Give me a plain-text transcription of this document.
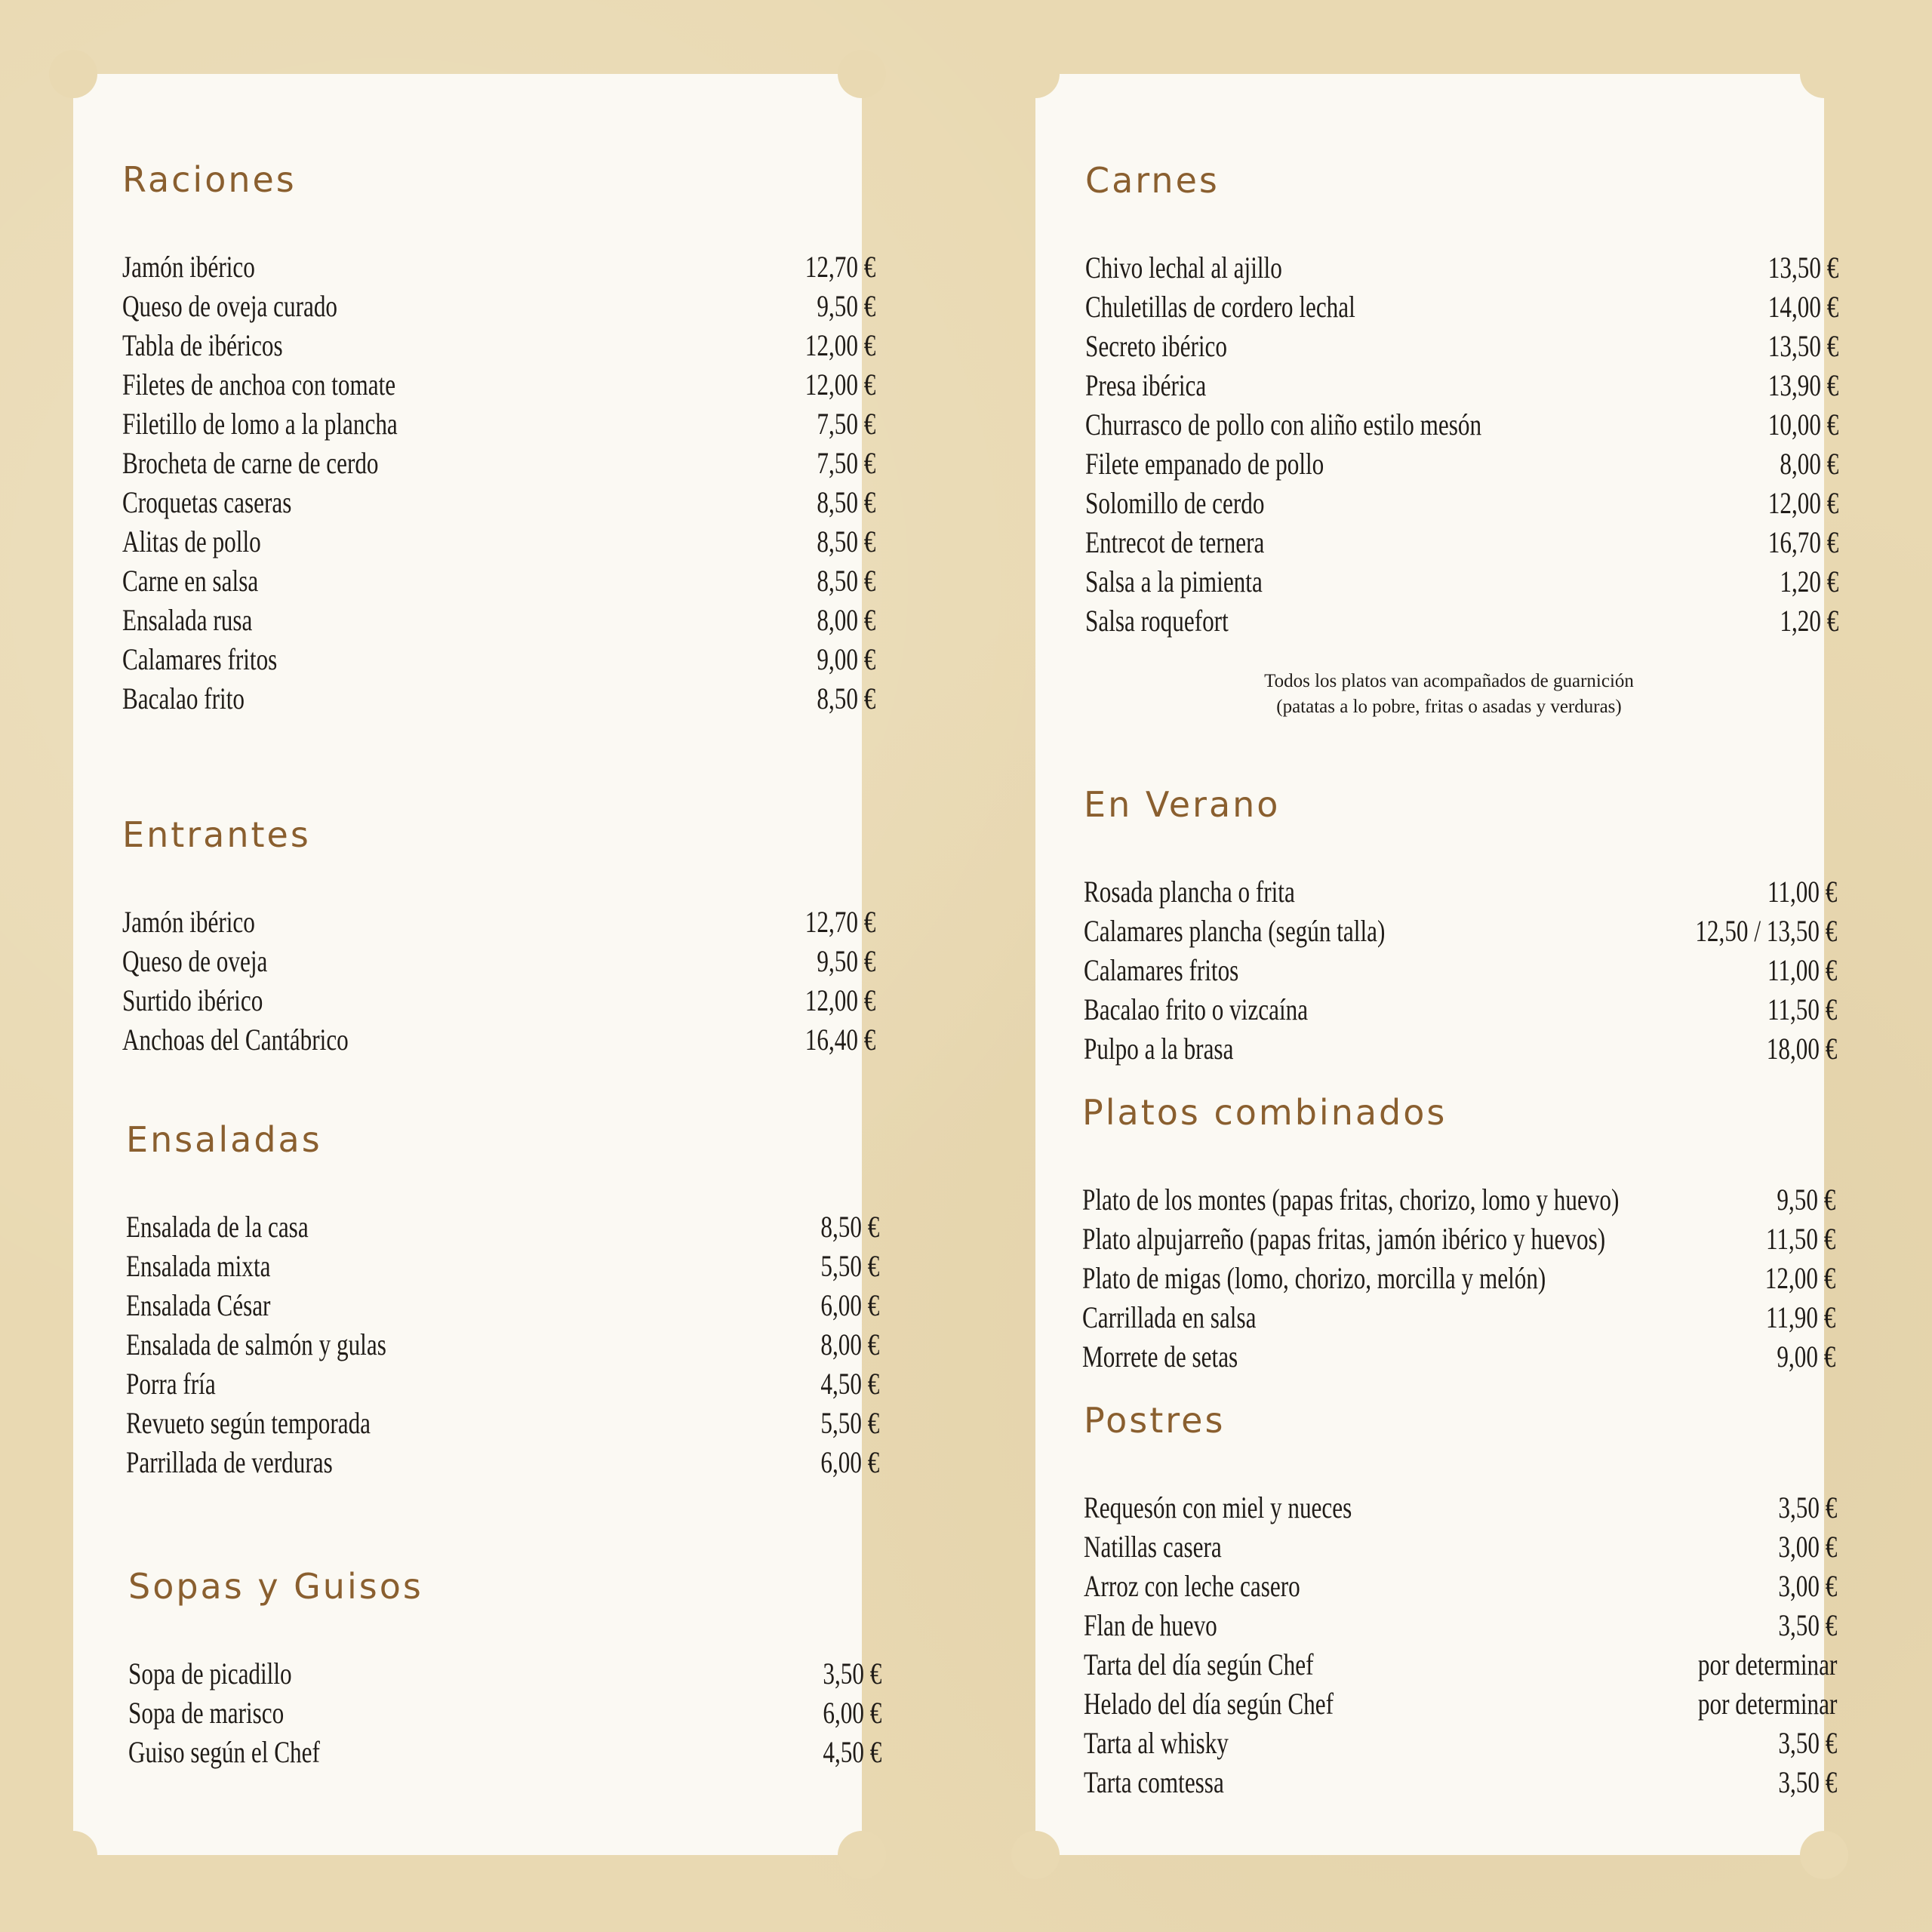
Raciones
Jamón ibérico	12,70 €
Queso de oveja curado	9,50 €
Tabla de ibéricos	12,00 €
Filetes de anchoa con tomate	12,00 €
Filetillo de lomo a la plancha	7,50 €
Brocheta de carne de cerdo	7,50 €
Croquetas caseras	8,50 €
Alitas de pollo	8,50 €
Carne en salsa	8,50 €
Ensalada rusa	8,00 €
Calamares fritos	9,00 €
Bacalao frito	8,50 €
Entrantes
Jamón ibérico	12,70 €
Queso de oveja	9,50 €
Surtido ibérico	12,00 €
Anchoas del Cantábrico	16,40 €
Ensaladas
Ensalada de la casa	8,50 €
Ensalada mixta	5,50 €
Ensalada César	6,00 €
Ensalada de salmón y gulas	8,00 €
Porra fría	4,50 €
Revueto según temporada	5,50 €
Parrillada de verduras	6,00 €
Sopas y Guisos
Sopa de picadillo	3,50 €
Sopa de marisco	6,00 €
Guiso según el Chef	4,50 €
Carnes
Chivo lechal al ajillo	13,50 €
Chuletillas de cordero lechal	14,00 €
Secreto ibérico	13,50 €
Presa ibérica	13,90 €
Churrasco de pollo con aliño estilo mesón	10,00 €
Filete empanado de pollo	8,00 €
Solomillo de cerdo	12,00 €
Entrecot de ternera	16,70 €
Salsa a la pimienta	1,20 €
Salsa roquefort	1,20 €
Todos los platos van acompañados de guarnición
(patatas a lo pobre, fritas o asadas y verduras)
En Verano
Rosada plancha o frita	11,00 €
Calamares plancha (según talla)	12,50 / 13,50 €
Calamares fritos	11,00 €
Bacalao frito o vizcaína	11,50 €
Pulpo a la brasa	18,00 €
Platos combinados
Plato de los montes (papas fritas, chorizo, lomo y huevo)	9,50 €
Plato alpujarreño (papas fritas, jamón ibérico y huevos)	11,50 €
Plato de migas (lomo, chorizo, morcilla y melón)	12,00 €
Carrillada en salsa	11,90 €
Morrete de setas	9,00 €
Postres
Requesón con miel y nueces	3,50 €
Natillas casera	3,00 €
Arroz con leche casero	3,00 €
Flan de huevo	3,50 €
Tarta del día según Chef	por determinar
Helado del día según Chef	por determinar
Tarta al whisky	3,50 €
Tarta comtessa	3,50 €
